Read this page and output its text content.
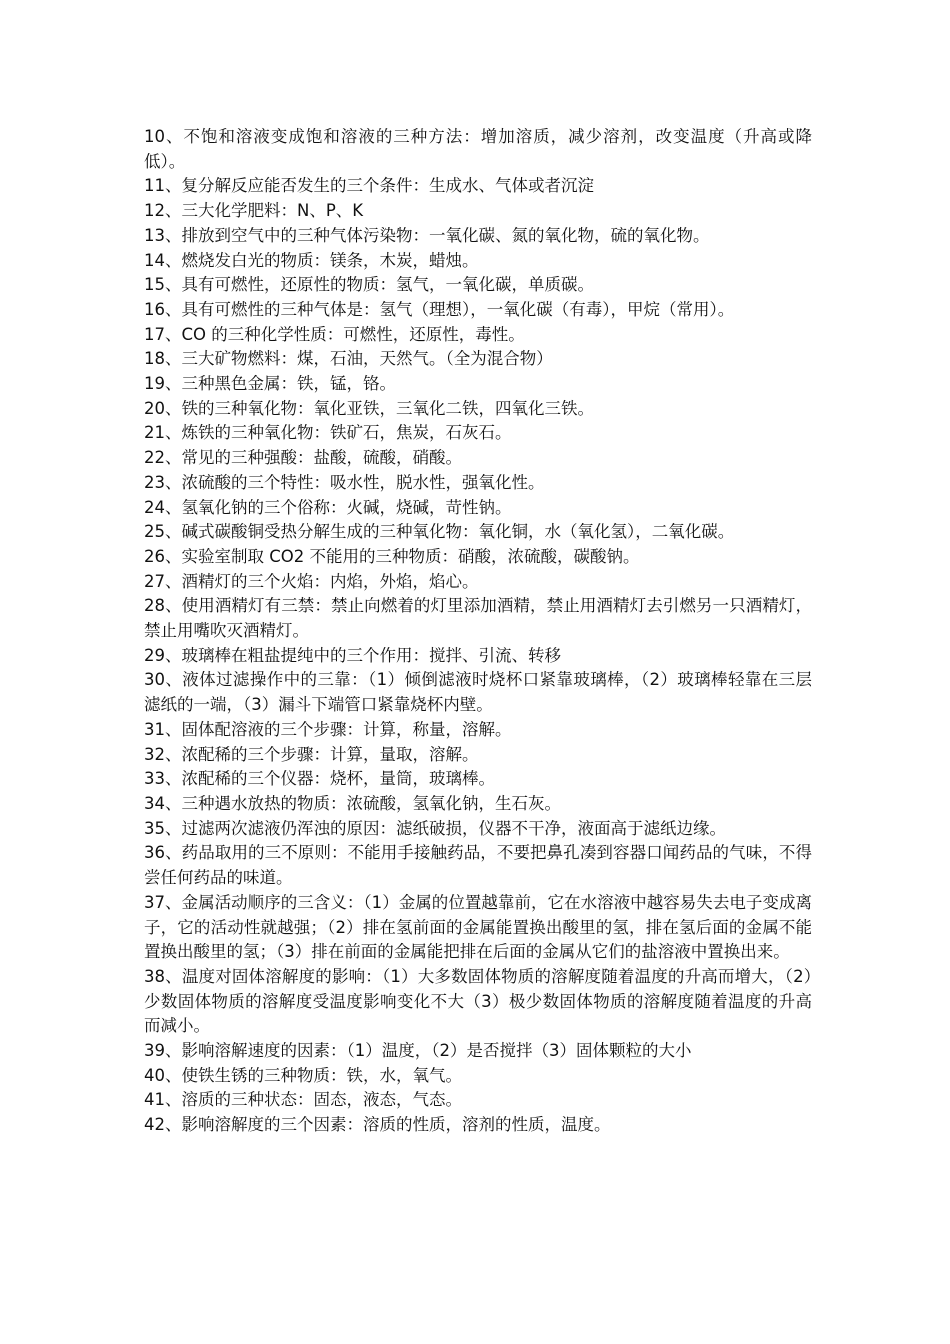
10、不饱和溶液变成饱和溶液的三种方法：增加溶质，减少溶剂，改变温度（升高或降低）。

11、复分解反应能否发生的三个条件：生成水、气体或者沉淀

12、三大化学肥料：N、P、K

13、排放到空气中的三种气体污染物：一氧化碳、氮的氧化物，硫的氧化物。

14、燃烧发白光的物质：镁条，木炭，蜡烛。

15、具有可燃性，还原性的物质：氢气，一氧化碳，单质碳。

16、具有可燃性的三种气体是：氢气（理想），一氧化碳（有毒），甲烷（常用）。

17、CO 的三种化学性质：可燃性，还原性，毒性。

18、三大矿物燃料：煤，石油，天然气。（全为混合物）

19、三种黑色金属：铁，锰，铬。

20、铁的三种氧化物：氧化亚铁，三氧化二铁，四氧化三铁。

21、炼铁的三种氧化物：铁矿石，焦炭，石灰石。

22、常见的三种强酸：盐酸，硫酸，硝酸。

23、浓硫酸的三个特性：吸水性，脱水性，强氧化性。

24、氢氧化钠的三个俗称：火碱，烧碱，苛性钠。

25、碱式碳酸铜受热分解生成的三种氧化物：氧化铜，水（氧化氢），二氧化碳。

26、实验室制取 CO2 不能用的三种物质：硝酸，浓硫酸，碳酸钠。

27、酒精灯的三个火焰：内焰，外焰，焰心。

28、使用酒精灯有三禁：禁止向燃着的灯里添加酒精，禁止用酒精灯去引燃另一只酒精灯，禁止用嘴吹灭酒精灯。

29、玻璃棒在粗盐提纯中的三个作用：搅拌、引流、转移

30、液体过滤操作中的三靠：（1）倾倒滤液时烧杯口紧靠玻璃棒，（2）玻璃棒轻靠在三层滤纸的一端，（3）漏斗下端管口紧靠烧杯内壁。

31、固体配溶液的三个步骤：计算，称量，溶解。

32、浓配稀的三个步骤：计算，量取，溶解。

33、浓配稀的三个仪器：烧杯，量筒，玻璃棒。

34、三种遇水放热的物质：浓硫酸，氢氧化钠，生石灰。

35、过滤两次滤液仍浑浊的原因：滤纸破损，仪器不干净，液面高于滤纸边缘。

36、药品取用的三不原则：不能用手接触药品，不要把鼻孔凑到容器口闻药品的气味，不得尝任何药品的味道。

37、金属活动顺序的三含义：（1）金属的位置越靠前，它在水溶液中越容易失去电子变成离子，它的活动性就越强；（2）排在氢前面的金属能置换出酸里的氢，排在氢后面的金属不能置换出酸里的氢；（3）排在前面的金属能把排在后面的金属从它们的盐溶液中置换出来。

38、温度对固体溶解度的影响：（1）大多数固体物质的溶解度随着温度的升高而增大，（2）少数固体物质的溶解度受温度影响变化不大（3）极少数固体物质的溶解度随着温度的升高而减小。

39、影响溶解速度的因素：（1）温度，（2）是否搅拌（3）固体颗粒的大小

40、使铁生锈的三种物质：铁，水，氧气。

41、溶质的三种状态：固态，液态，气态。

42、影响溶解度的三个因素：溶质的性质，溶剂的性质，温度。
